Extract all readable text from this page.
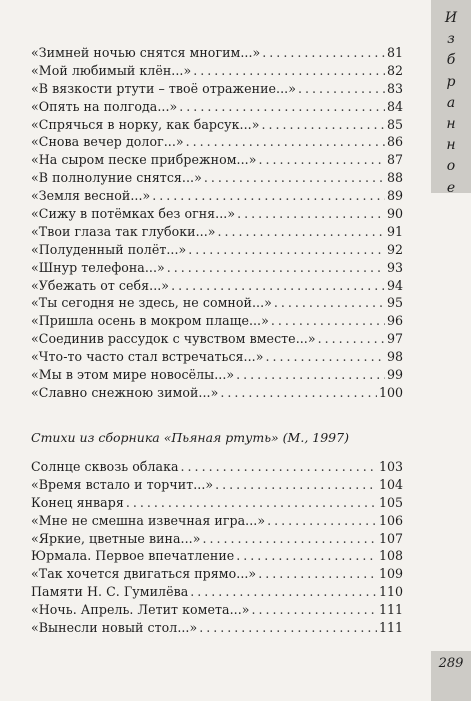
И
з
б
р
а
н
н
о
е
«Зимней ночью снятся многим...» . . .	81
«Мой любимый клён...» . . .	82
«В вязкости ртути – твоё отражение...» . . .	83
«Опять на полгода...» . . .	84
«Спрячься в норку, как барсук...» . . .	85
«Снова вечер долог...» . . .	86
«На сыром песке прибрежном...» . . .	87
«В полнолуние снятся...» . . .	88
«Земля весной...» . . .	89
«Сижу в потёмках без огня...» . . .	90
«Твои глаза так глубоки...» . . .	91
«Полуденный полёт...» . . .	92
«Шнур телефона...» . . .	93
«Убежать от себя...» . . .	94
«Ты сегодня не здесь, не сомной...» . . .	95
«Пришла осень в мокром плаще...» . . .	96
«Соединив рассудок с чувством вместе...» . . .	97
«Что-то часто стал встречаться...» . . .	98
«Мы в этом мире новосёлы...» . . .	99
«Славно снежною зимой...» . . .	100
Стихи из сборника «Пьяная ртуть» (М., 1997)
Солнце сквозь облака . . .	103
«Время встало и торчит...» . . .	104
Конец января . . .	105
«Мне не смешна извечная игра...» . . .	106
«Яркие, цветные вина...» . . .	107
Юрмала. Первое впечатление . . .	108
«Так хочется двигаться прямо...» . . .	109
Памяти Н. С. Гумилёва . . .	110
«Ночь. Апрель. Летит комета...» . . .	111
«Вынесли новый стол...» . . .	111
289
